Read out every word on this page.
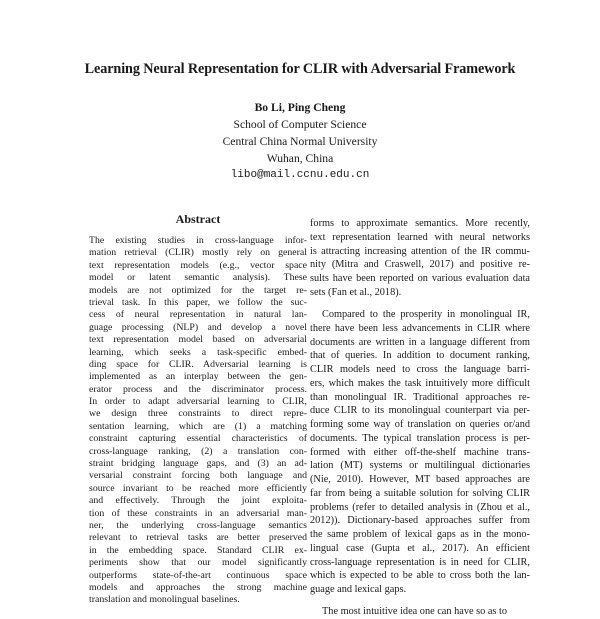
Learning Neural Representation for CLIR with Adversarial Framework
Bo Li, Ping Cheng
School of Computer Science
Central China Normal University
Wuhan, China
libo@mail.ccnu.edu.cn
Abstract
The existing studies in cross-language infor-
mation retrieval (CLIR) mostly rely on general
text representation models (e.g., vector space
model or latent semantic analysis). These
models are not optimized for the target re-
trieval task. In this paper, we follow the suc-
cess of neural representation in natural lan-
guage processing (NLP) and develop a novel
text representation model based on adversarial
learning, which seeks a task-specific embed-
ding space for CLIR. Adversarial learning is
implemented as an interplay between the gen-
erator process and the discriminator process.
In order to adapt adversarial learning to CLIR,
we design three constraints to direct repre-
sentation learning, which are (1) a matching
constraint capturing essential characteristics of
cross-language ranking, (2) a translation con-
straint bridging language gaps, and (3) an ad-
versarial constraint forcing both language and
source invariant to be reached more efficiently
and effectively. Through the joint exploita-
tion of these constraints in an adversarial man-
ner, the underlying cross-language semantics
relevant to retrieval tasks are better preserved
in the embedding space. Standard CLIR ex-
periments show that our model significantly
outperforms state-of-the-art continuous space
models and approaches the strong machine
translation and monolingual baselines.
forms to approximate semantics. More recently,
text representation learned with neural networks
is attracting increasing attention of the IR commu-
nity (Mitra and Craswell, 2017) and positive re-
sults have been reported on various evaluation data
sets (Fan et al., 2018).
Compared to the prosperity in monolingual IR,
there have been less advancements in CLIR where
documents are written in a language different from
that of queries. In addition to document ranking,
CLIR models need to cross the language barri-
ers, which makes the task intuitively more difficult
than monolingual IR. Traditional approaches re-
duce CLIR to its monolingual counterpart via per-
forming some way of translation on queries or/and
documents. The typical translation process is per-
formed with either off-the-shelf machine trans-
lation (MT) systems or multilingual dictionaries
(Nie, 2010). However, MT based approaches are
far from being a suitable solution for solving CLIR
problems (refer to detailed analysis in (Zhou et al.,
2012)). Dictionary-based approaches suffer from
the same problem of lexical gaps as in the mono-
lingual case (Gupta et al., 2017). An efficient
cross-language representation is in need for CLIR,
which is expected to be able to cross both the lan-
guage and lexical gaps.
The most intuitive idea one can have so as to
